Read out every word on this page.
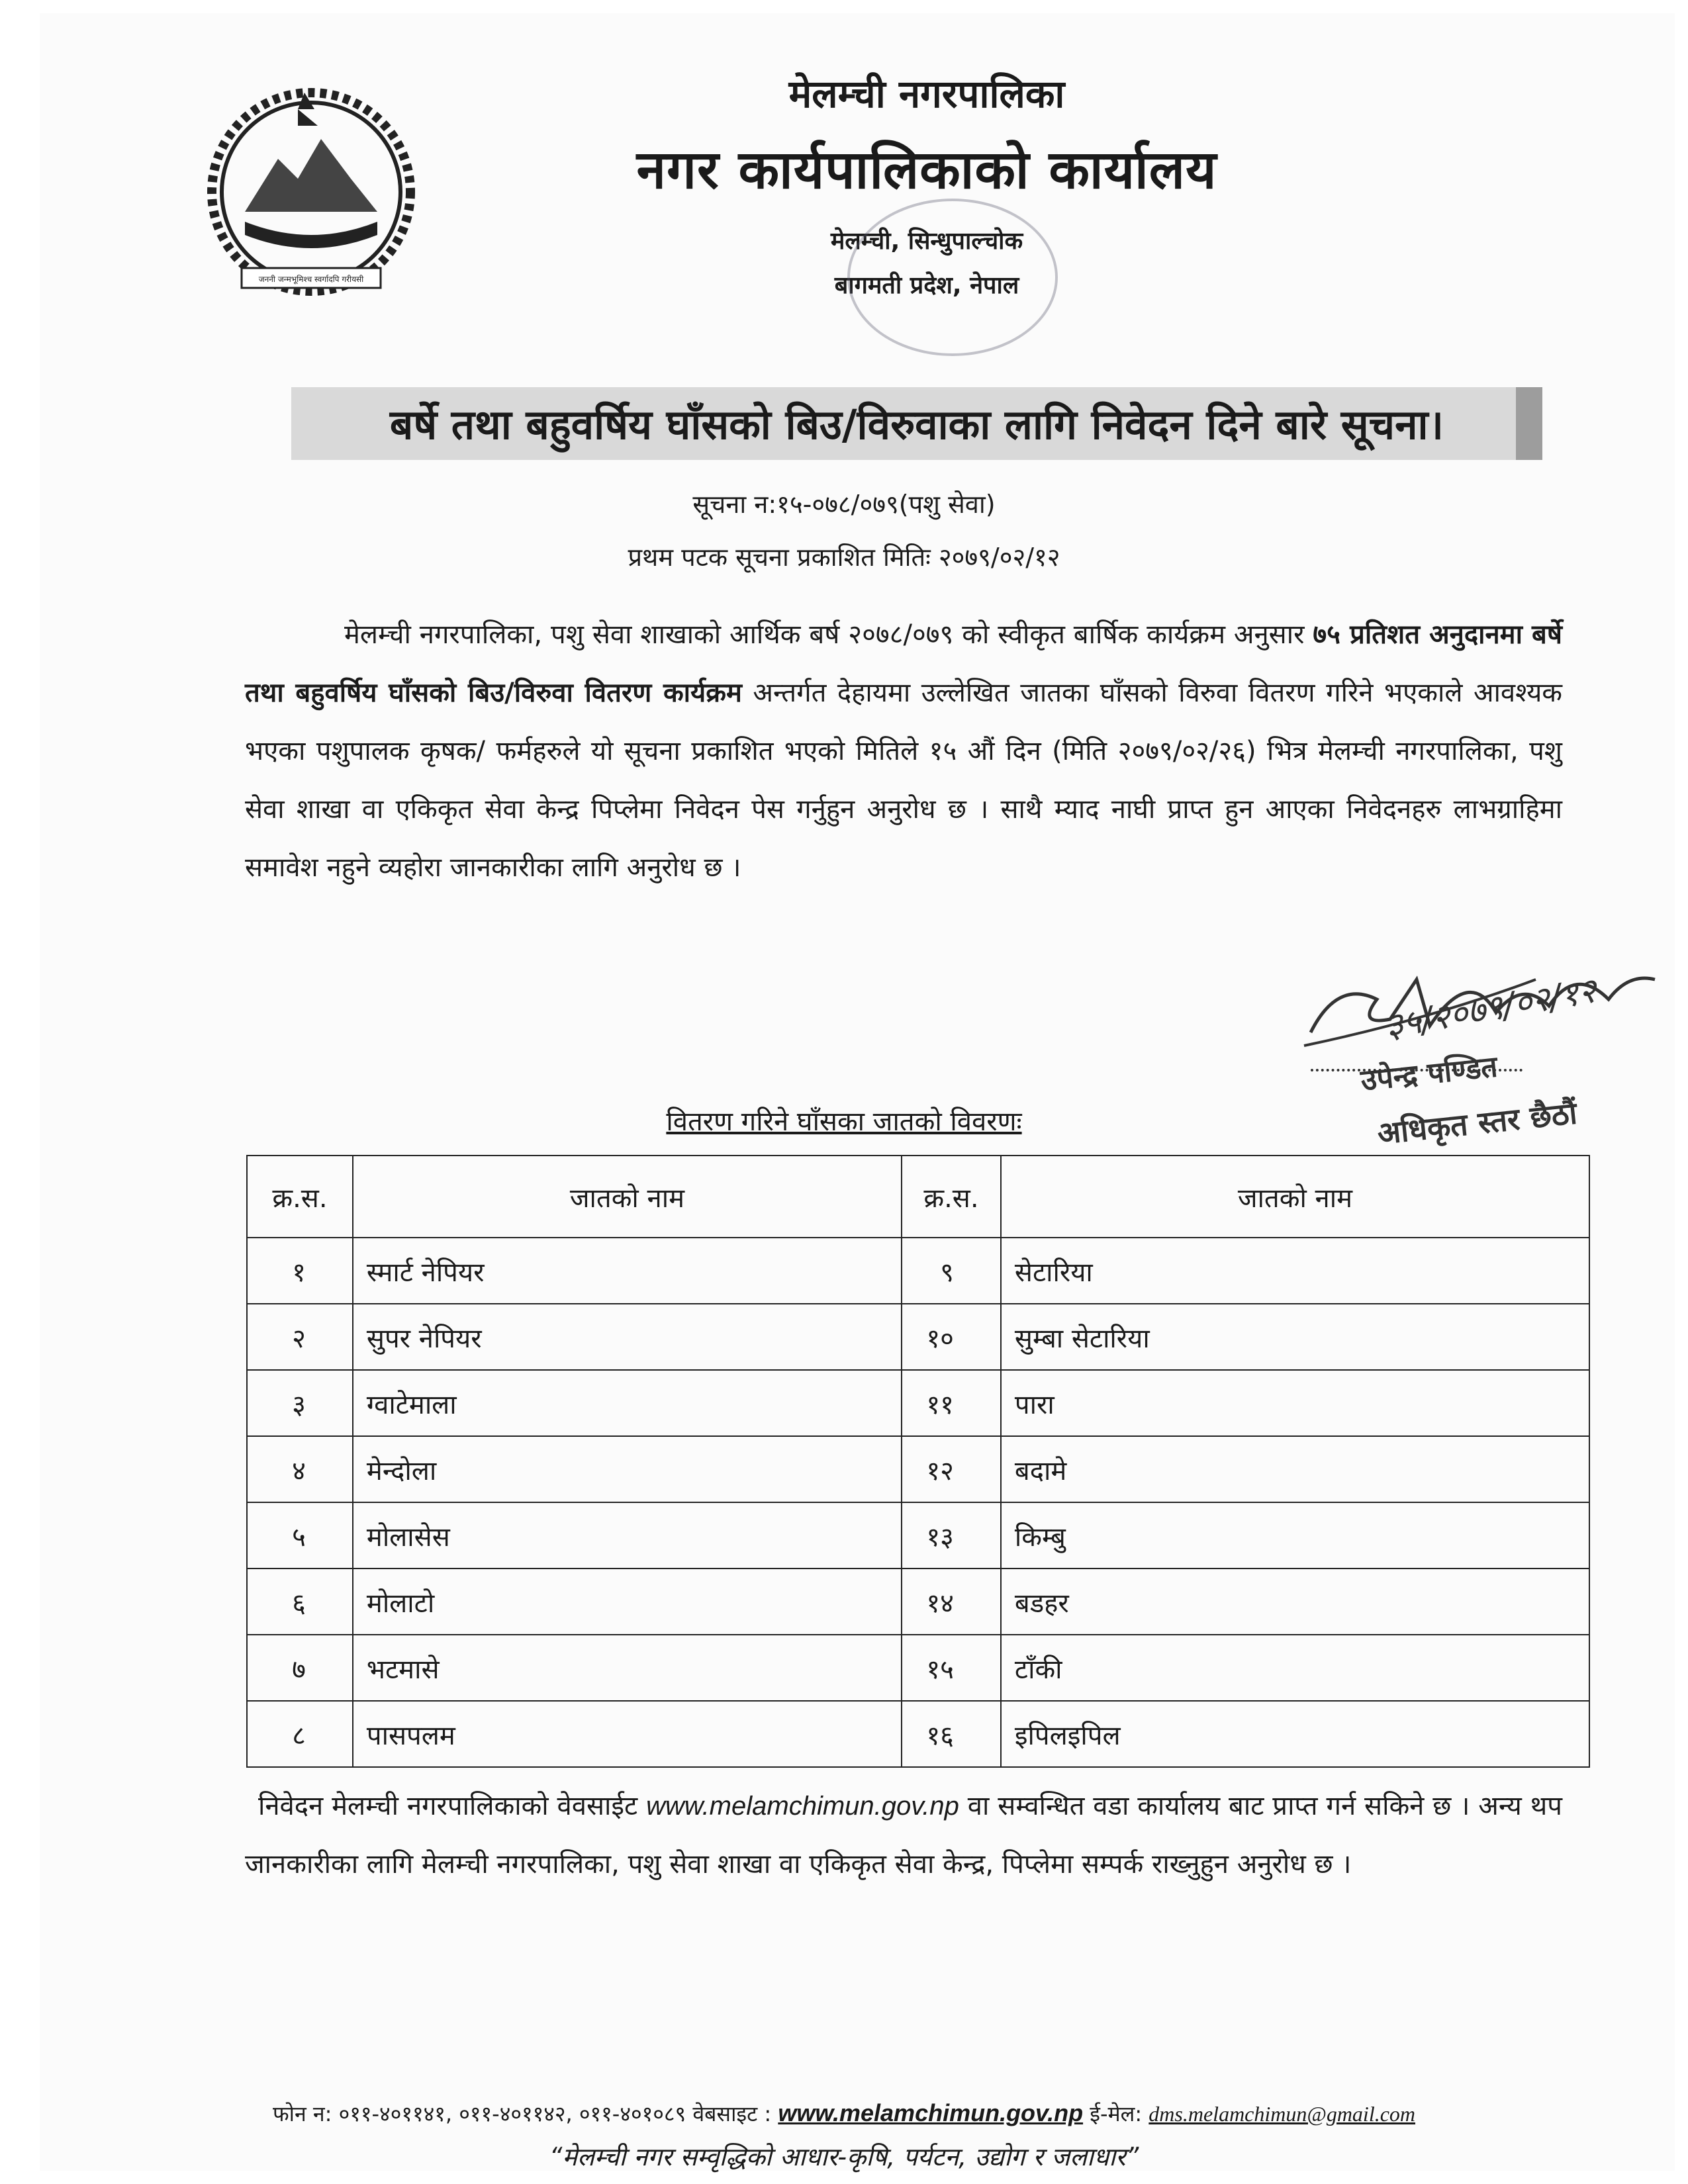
जननी जन्मभूमिश्च स्वर्गादपि गरीयसी
मेलम्ची नगरपालिका
नगर कार्यपालिकाको कार्यालय
मेलम्ची, सिन्धुपाल्चोक
बागमती प्रदेश, नेपाल
बर्षे तथा बहुवर्षिय घाँसको बिउ/विरुवाका लागि निवेदन दिने बारे सूचना।
सूचना न:१५-०७८/०७९(पशु सेवा)
प्रथम पटक सूचना प्रकाशित मितिः २०७९/०२/१२
मेलम्ची नगरपालिका, पशु सेवा शाखाको आर्थिक बर्ष २०७८/०७९ को स्वीकृत बार्षिक कार्यक्रम अनुसार ७५ प्रतिशत अनुदानमा बर्षे तथा बहुवर्षिय घाँसको बिउ/विरुवा वितरण कार्यक्रम अन्तर्गत देहायमा उल्लेखित जातका घाँसको विरुवा वितरण गरिने भएकाले आवश्यक भएका पशुपालक कृषक/ फर्महरुले यो सूचना प्रकाशित भएको मितिले १५ औं दिन (मिति २०७९/०२/२६) भित्र मेलम्ची नगरपालिका, पशु सेवा शाखा वा एकिकृत सेवा केन्द्र पिप्लेमा निवेदन पेस गर्नुहुन अनुरोध छ । साथै म्याद नाघी प्राप्त हुन आएका निवेदनहरु लाभग्राहिमा समावेश नहुने व्यहोरा जानकारीका लागि अनुरोध छ ।
३५/२०७९/०२/१२
उपेन्द्र पण्डित
अधिकृत स्तर छैठौं
वितरण गरिने घाँसका जातको विवरणः
क्र.स.	जातको नाम	क्र.स.	जातको नाम
१	स्मार्ट नेपियर	९	सेटारिया
२	सुपर नेपियर	१०	सुम्बा सेटारिया
३	ग्वाटेमाला	११	पारा
४	मेन्दोला	१२	बदामे
५	मोलासेस	१३	किम्बु
६	मोलाटो	१४	बडहर
७	भटमासे	१५	टाँकी
८	पासपलम	१६	इपिलइपिल
निवेदन मेलम्ची नगरपालिकाको वेवसाईट www.melamchimun.gov.np वा सम्वन्धित वडा कार्यालय बाट प्राप्त गर्न सकिने छ । अन्य थप जानकारीका लागि मेलम्ची नगरपालिका, पशु सेवा शाखा वा एकिकृत सेवा केन्द्र, पिप्लेमा सम्पर्क राख्नुहुन अनुरोध छ ।
फोन न: ०११-४०११४१, ०११-४०११४२, ०११-४०१०८९ वेबसाइट : www.melamchimun.gov.np ई-मेल: dms.melamchimun@gmail.com
“मेलम्ची नगर सम्वृद्धिको आधार-कृषि, पर्यटन, उद्योग र जलाधार”
